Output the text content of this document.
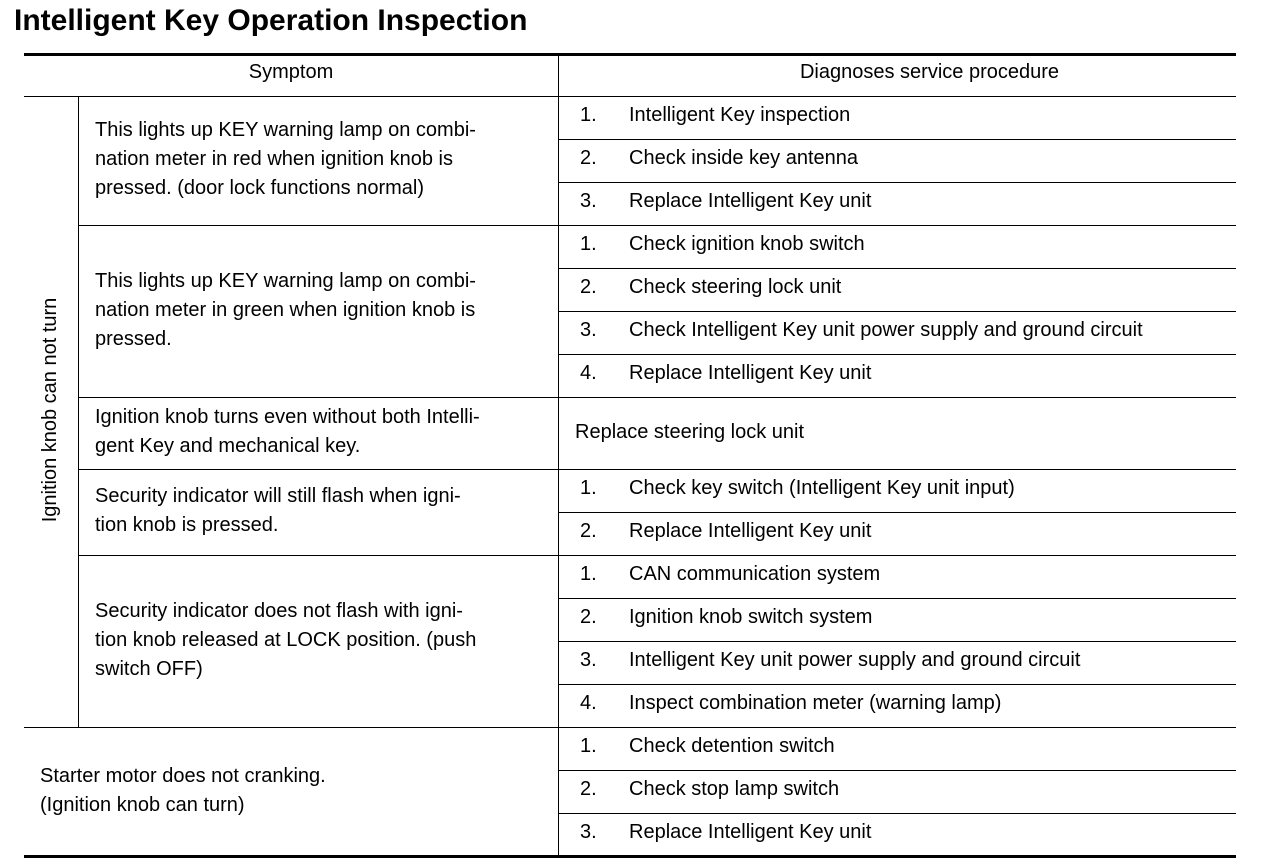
Intelligent Key Operation Inspection
Symptom	Diagnoses service procedure
Ignition knob can not turn
This lights up KEY warning lamp on combi-
nation meter in red when ignition knob is
pressed. (door lock functions normal)
1. Intelligent Key inspection
2. Check inside key antenna
3. Replace Intelligent Key unit
This lights up KEY warning lamp on combi-
nation meter in green when ignition knob is
pressed.
1. Check ignition knob switch
2. Check steering lock unit
3. Check Intelligent Key unit power supply and ground circuit
4. Replace Intelligent Key unit
Ignition knob turns even without both Intelli-
gent Key and mechanical key.
Replace steering lock unit
Security indicator will still flash when igni-
tion knob is pressed.
1. Check key switch (Intelligent Key unit input)
2. Replace Intelligent Key unit
Security indicator does not flash with igni-
tion knob released at LOCK position. (push
switch OFF)
1. CAN communication system
2. Ignition knob switch system
3. Intelligent Key unit power supply and ground circuit
4. Inspect combination meter (warning lamp)
Starter motor does not cranking.
(Ignition knob can turn)
1. Check detention switch
2. Check stop lamp switch
3. Replace Intelligent Key unit
